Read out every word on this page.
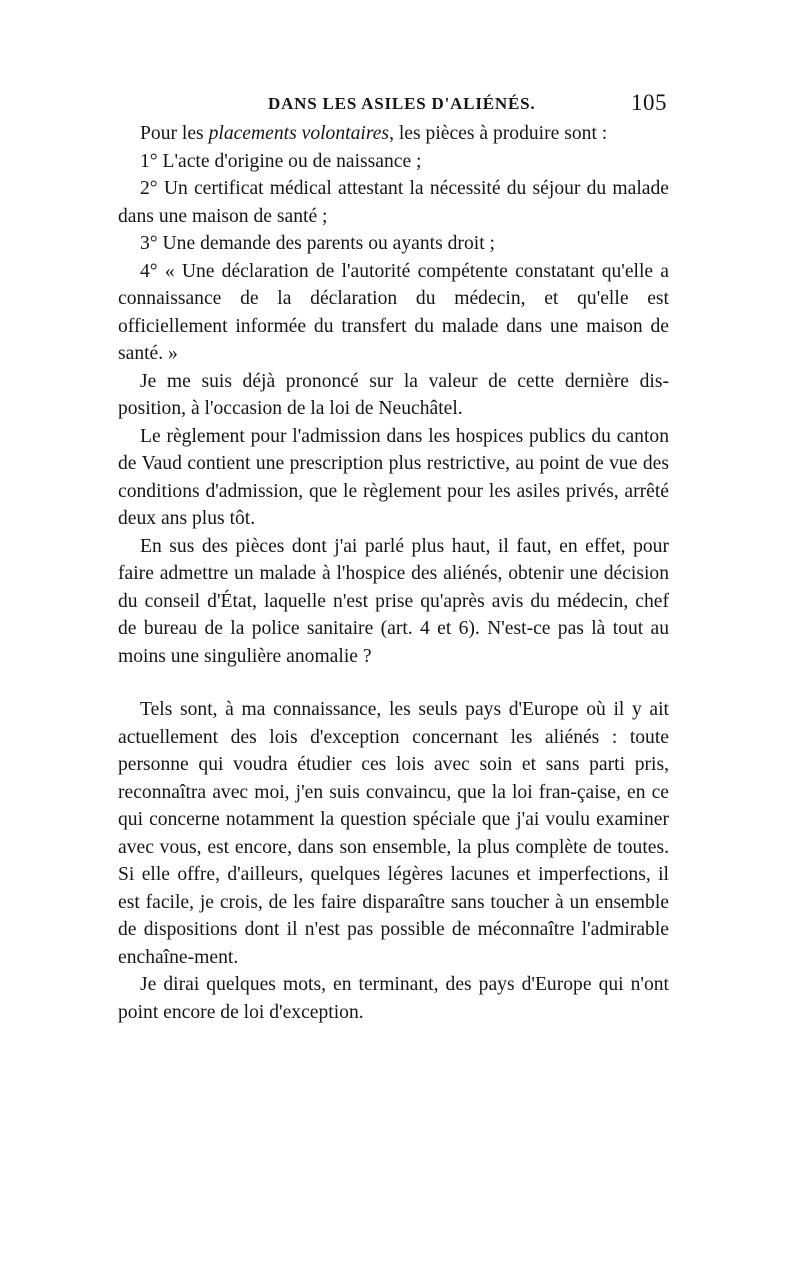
DANS LES ASILES D'ALIÉNÉS.	105

Pour les placements volontaires, les pièces à produire sont :

1° L'acte d'origine ou de naissance ;

2° Un certificat médical attestant la nécessité du séjour du malade dans une maison de santé ;

3° Une demande des parents ou ayants droit ;

4° « Une déclaration de l'autorité compétente constatant qu'elle a connaissance de la déclaration du médecin, et qu'elle est officiellement informée du transfert du malade dans une maison de santé. »

Je me suis déjà prononcé sur la valeur de cette dernière dis-position, à l'occasion de la loi de Neuchâtel.

Le règlement pour l'admission dans les hospices publics du canton de Vaud contient une prescription plus restrictive, au point de vue des conditions d'admission, que le règlement pour les asiles privés, arrêté deux ans plus tôt.

En sus des pièces dont j'ai parlé plus haut, il faut, en effet, pour faire admettre un malade à l'hospice des aliénés, obtenir une décision du conseil d'État, laquelle n'est prise qu'après avis du médecin, chef de bureau de la police sanitaire (art. 4 et 6). N'est-ce pas là tout au moins une singulière anomalie ?

Tels sont, à ma connaissance, les seuls pays d'Europe où il y ait actuellement des lois d'exception concernant les aliénés : toute personne qui voudra étudier ces lois avec soin et sans parti pris, reconnaîtra avec moi, j'en suis convaincu, que la loi fran-çaise, en ce qui concerne notamment la question spéciale que j'ai voulu examiner avec vous, est encore, dans son ensemble, la plus complète de toutes. Si elle offre, d'ailleurs, quelques légères lacunes et imperfections, il est facile, je crois, de les faire disparaître sans toucher à un ensemble de dispositions dont il n'est pas possible de méconnaître l'admirable enchaîne-ment.

Je dirai quelques mots, en terminant, des pays d'Europe qui n'ont point encore de loi d'exception.
